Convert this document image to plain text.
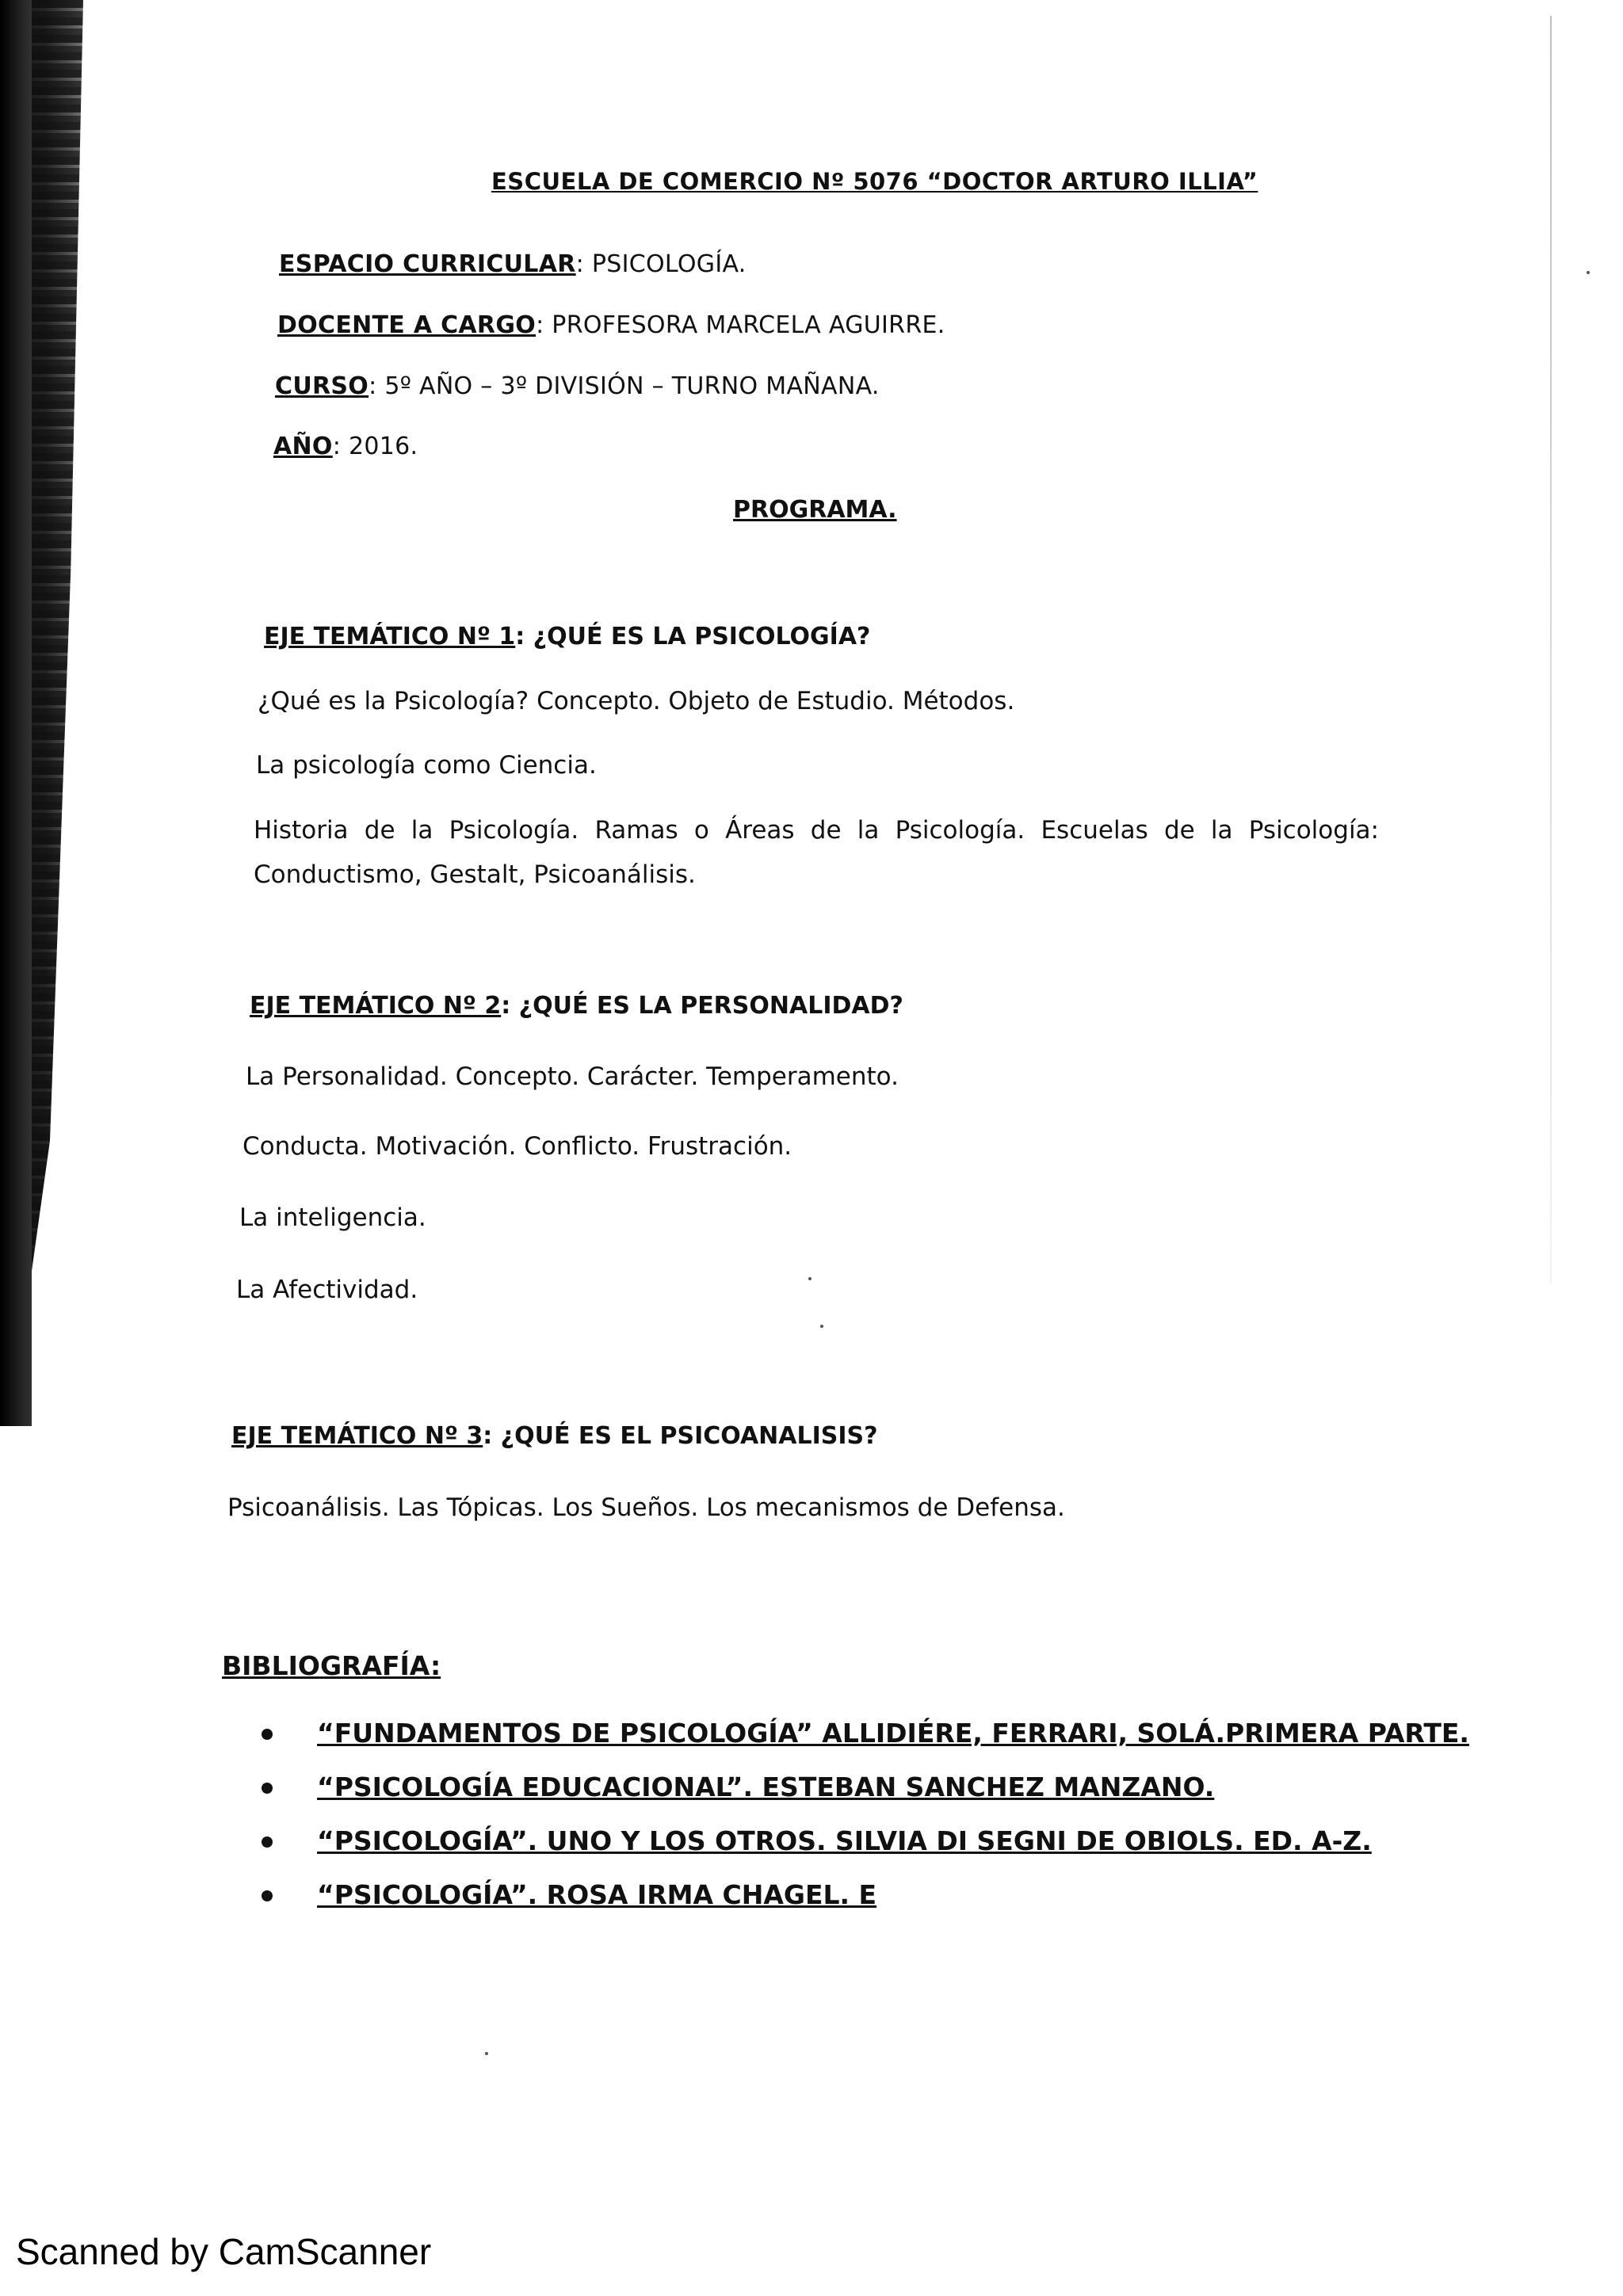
ESCUELA DE COMERCIO Nº 5076 “DOCTOR ARTURO ILLIA”
ESPACIO CURRICULAR: PSICOLOGÍA.
DOCENTE A CARGO: PROFESORA MARCELA AGUIRRE.
CURSO: 5º AÑO – 3º DIVISIÓN – TURNO MAÑANA.
AÑO: 2016.
PROGRAMA.
EJE TEMÁTICO Nº 1: ¿QUÉ ES LA PSICOLOGÍA?
¿Qué es la Psicología? Concepto. Objeto de Estudio. Métodos.
La psicología como Ciencia.
Historia de la Psicología. Ramas o Áreas de la Psicología. Escuelas de la Psicología: Conductismo, Gestalt, Psicoanálisis.
EJE TEMÁTICO Nº 2: ¿QUÉ ES LA PERSONALIDAD?
La Personalidad. Concepto. Carácter. Temperamento.
Conducta. Motivación. Conflicto. Frustración.
La inteligencia.
La Afectividad.
EJE TEMÁTICO Nº 3: ¿QUÉ ES EL PSICOANALISIS?
Psicoanálisis. Las Tópicas. Los Sueños. Los mecanismos de Defensa.
BIBLIOGRAFÍA:
“FUNDAMENTOS DE PSICOLOGÍA” ALLIDIÉRE, FERRARI, SOLÁ.PRIMERA PARTE.
“PSICOLOGÍA EDUCACIONAL”. ESTEBAN SANCHEZ MANZANO.
“PSICOLOGÍA”. UNO Y LOS OTROS. SILVIA DI SEGNI DE OBIOLS. ED. A-Z.
“PSICOLOGÍA”. ROSA IRMA CHAGEL. E
Scanned by CamScanner
